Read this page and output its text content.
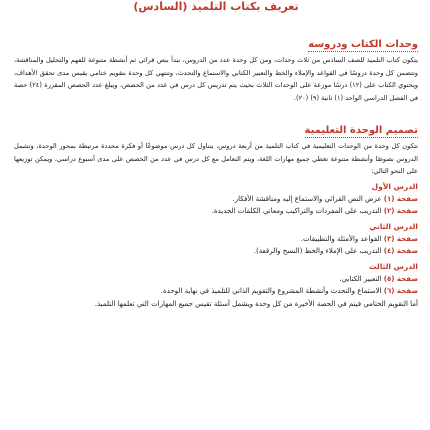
تعريف بكتاب التلميذ (السادس)
وحدات الكتاب ودروسه

يتكون كتاب التلميذ للصف السادس من ثلاث وحدات، ومن كل وحدة عدد من الدروس، تبدأ بنص قرائي ثم أنشطة متنوعة للفهم والتحليل والمناقشة، وتتضمن كل وحدة دروسًا في القواعد والإملاء والخط والتعبير الكتابي والاستماع والتحدث، وتنتهي كل وحدة بتقويم ختامي يقيس مدى تحقق الأهداف، ويحتوي الكتاب على (١٢) درسًا موزعة على الوحدات الثلاث بحيث يتم تدريس كل درس في عدد من الحصص، ويبلغ عدد الحصص المقررة (٢٤) حصة في الفصل الدراسي الواحد (١) ثانية (٩) (٢٠).

تصميم الوحدة التعليمية

تتكون كل وحدة من الوحدات التعليمية في كتاب التلميذ من أربعة دروس، يتناول كل درس موضوعًا أو فكرة محددة مرتبطة بمحور الوحدة، وتشمل الدروس نصوصًا وأنشطة متنوعة تغطي جميع مهارات اللغة، ويتم التعامل مع كل درس في عدد من الحصص على مدى أسبوع دراسي، ويمكن توزيعها على النحو التالي:

الدرس الأول

صفحة (١) عرض النص القرائي والاستماع إليه ومناقشة الأفكار.

صفحة (٢) التدريب على المفردات والتراكيب ومعاني الكلمات الجديدة.

الدرس الثاني

صفحة (٣) القواعد والأمثلة والتطبيقات.

صفحة (٤) التدريب على الإملاء والخط (النسخ والرقعة).

الدرس الثالث

صفحة (٥) التعبير الكتابي.

صفحة (٦) الاستماع والتحدث وأنشطة المشروع والتقويم الذاتي للتلميذ في نهاية الوحدة.

أما التقويم الختامي فيتم في الحصة الأخيرة من كل وحدة ويشمل أسئلة تقيس جميع المهارات التي تعلمها التلميذ.
